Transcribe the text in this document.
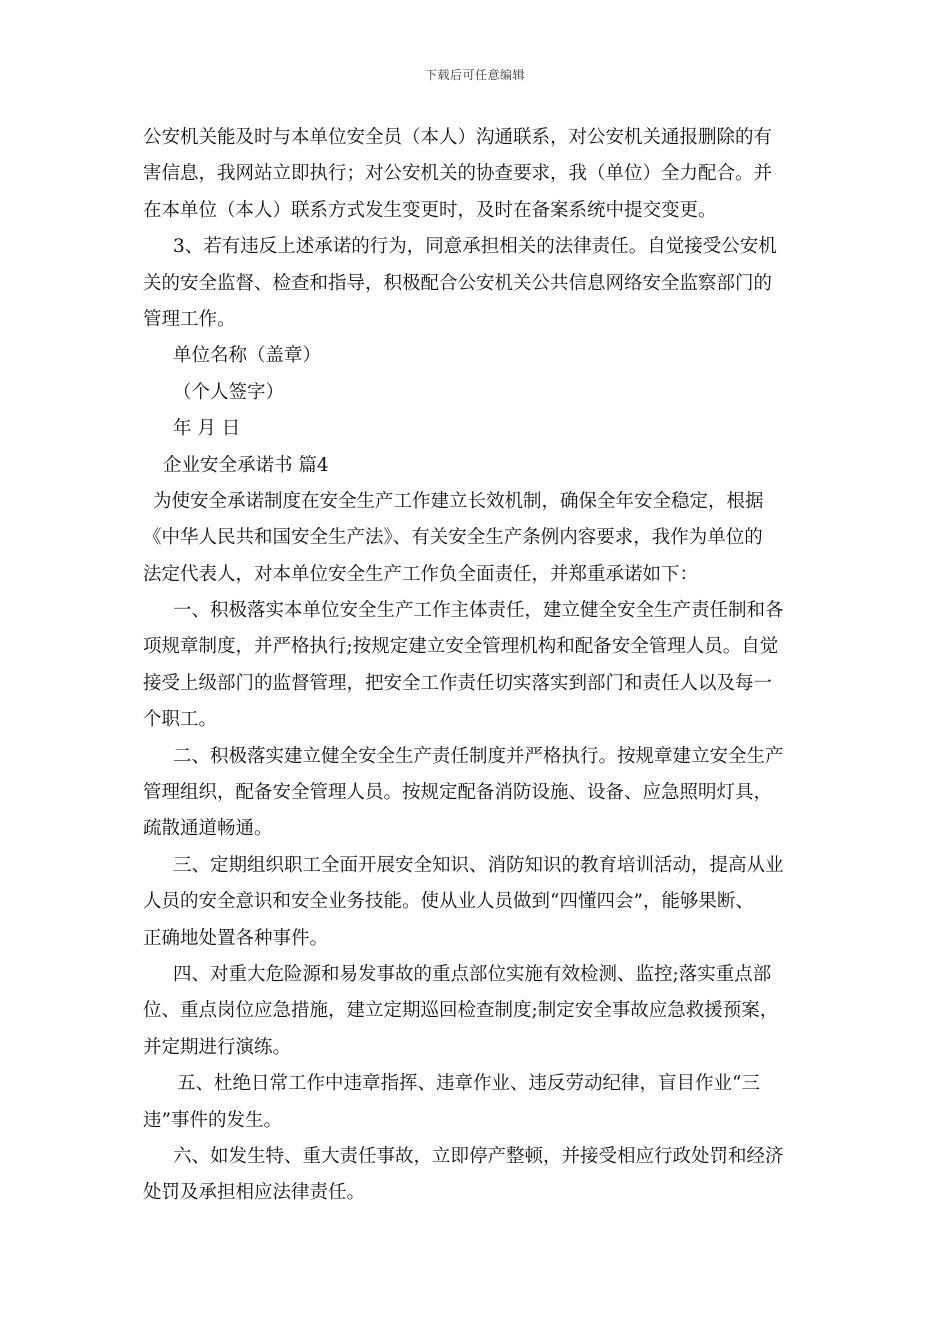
下载后可任意编辑
公安机关能及时与本单位安全员（本人）沟通联系，对公安机关通报删除的有
害信息，我网站立即执行；对公安机关的协查要求，我（单位）全力配合。并
在本单位（本人）联系方式发生变更时，及时在备案系统中提交变更。
3、若有违反上述承诺的行为，同意承担相关的法律责任。自觉接受公安机
关的安全监督、检查和指导，积极配合公安机关公共信息网络安全监察部门的
管理工作。
单位名称（盖章）
（个人签字）
年 月 日
企业安全承诺书 篇4
为使安全承诺制度在安全生产工作建立长效机制，确保全年安全稳定，根据
《中华人民共和国安全生产法》、有关安全生产条例内容要求，我作为单位的
法定代表人，对本单位安全生产工作负全面责任，并郑重承诺如下：
一、积极落实本单位安全生产工作主体责任，建立健全安全生产责任制和各
项规章制度，并严格执行;按规定建立安全管理机构和配备安全管理人员。自觉
接受上级部门的监督管理，把安全工作责任切实落实到部门和责任人以及每一
个职工。
二、积极落实建立健全安全生产责任制度并严格执行。按规章建立安全生产
管理组织，配备安全管理人员。按规定配备消防设施、设备、应急照明灯具，
疏散通道畅通。
三、定期组织职工全面开展安全知识、消防知识的教育培训活动，提高从业
人员的安全意识和安全业务技能。使从业人员做到“四懂四会”，能够果断、
正确地处置各种事件。
四、对重大危险源和易发事故的重点部位实施有效检测、监控;落实重点部
位、重点岗位应急措施，建立定期巡回检查制度;制定安全事故应急救援预案，
并定期进行演练。
五、杜绝日常工作中违章指挥、违章作业、违反劳动纪律，盲目作业“三
违”事件的发生。
六、如发生特、重大责任事故，立即停产整顿，并接受相应行政处罚和经济
处罚及承担相应法律责任。
